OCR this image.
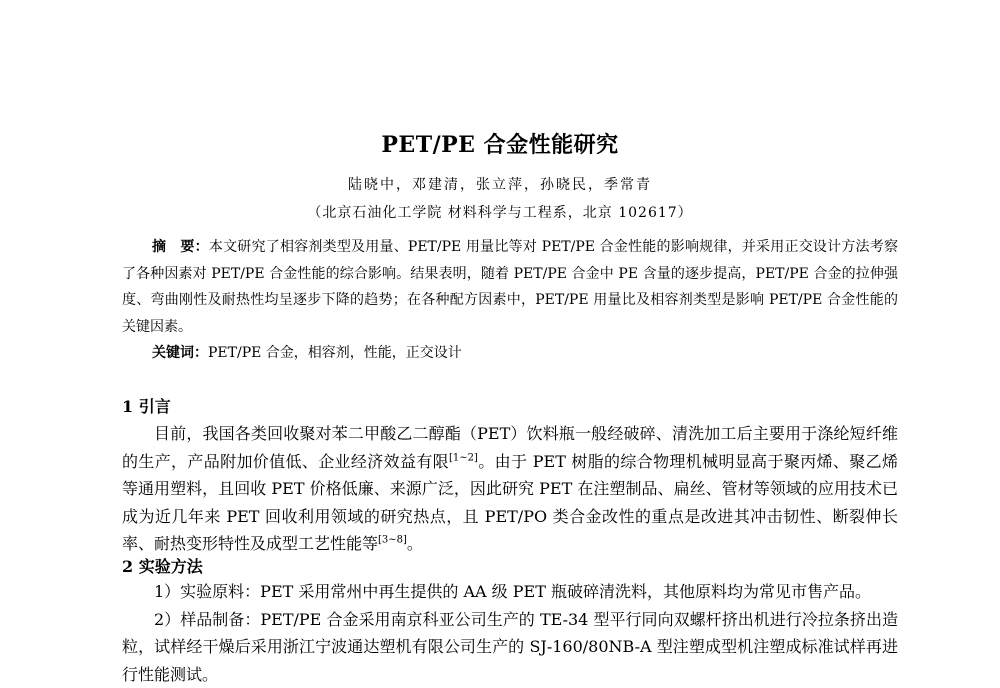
PET/PE 合金性能研究
陆晓中，邓建清，张立萍，孙晓民，季常青
（北京石油化工学院 材料科学与工程系，北京 102617）
摘　要：本文研究了相容剂类型及用量、PET/PE 用量比等对 PET/PE 合金性能的影响规律，并采用正交设计方法考察了各种因素对 PET/PE 合金性能的综合影响。结果表明，随着 PET/PE 合金中 PE 含量的逐步提高，PET/PE 合金的拉伸强度、弯曲刚性及耐热性均呈逐步下降的趋势；在各种配方因素中，PET/PE 用量比及相容剂类型是影响 PET/PE 合金性能的关键因素。
关键词：PET/PE 合金，相容剂，性能，正交设计
1 引言
目前，我国各类回收聚对苯二甲酸乙二醇酯（PET）饮料瓶一般经破碎、清洗加工后主要用于涤纶短纤维的生产，产品附加价值低、企业经济效益有限[1~2]。由于 PET 树脂的综合物理机械明显高于聚丙烯、聚乙烯等通用塑料，且回收 PET 价格低廉、来源广泛，因此研究 PET 在注塑制品、扁丝、管材等领域的应用技术已成为近几年来 PET 回收利用领域的研究热点，且 PET/PO 类合金改性的重点是改进其冲击韧性、断裂伸长率、耐热变形特性及成型工艺性能等[3~8]。
2 实验方法

1）实验原料：PET 采用常州中再生提供的 AA 级 PET 瓶破碎清洗料，其他原料均为常见市售产品。

2）样品制备：PET/PE 合金采用南京科亚公司生产的 TE-34 型平行同向双螺杆挤出机进行冷拉条挤出造粒，试样经干燥后采用浙江宁波通达塑机有限公司生产的 SJ-160/80NB-A 型注塑成型机注塑成标准试样再进行性能测试。
